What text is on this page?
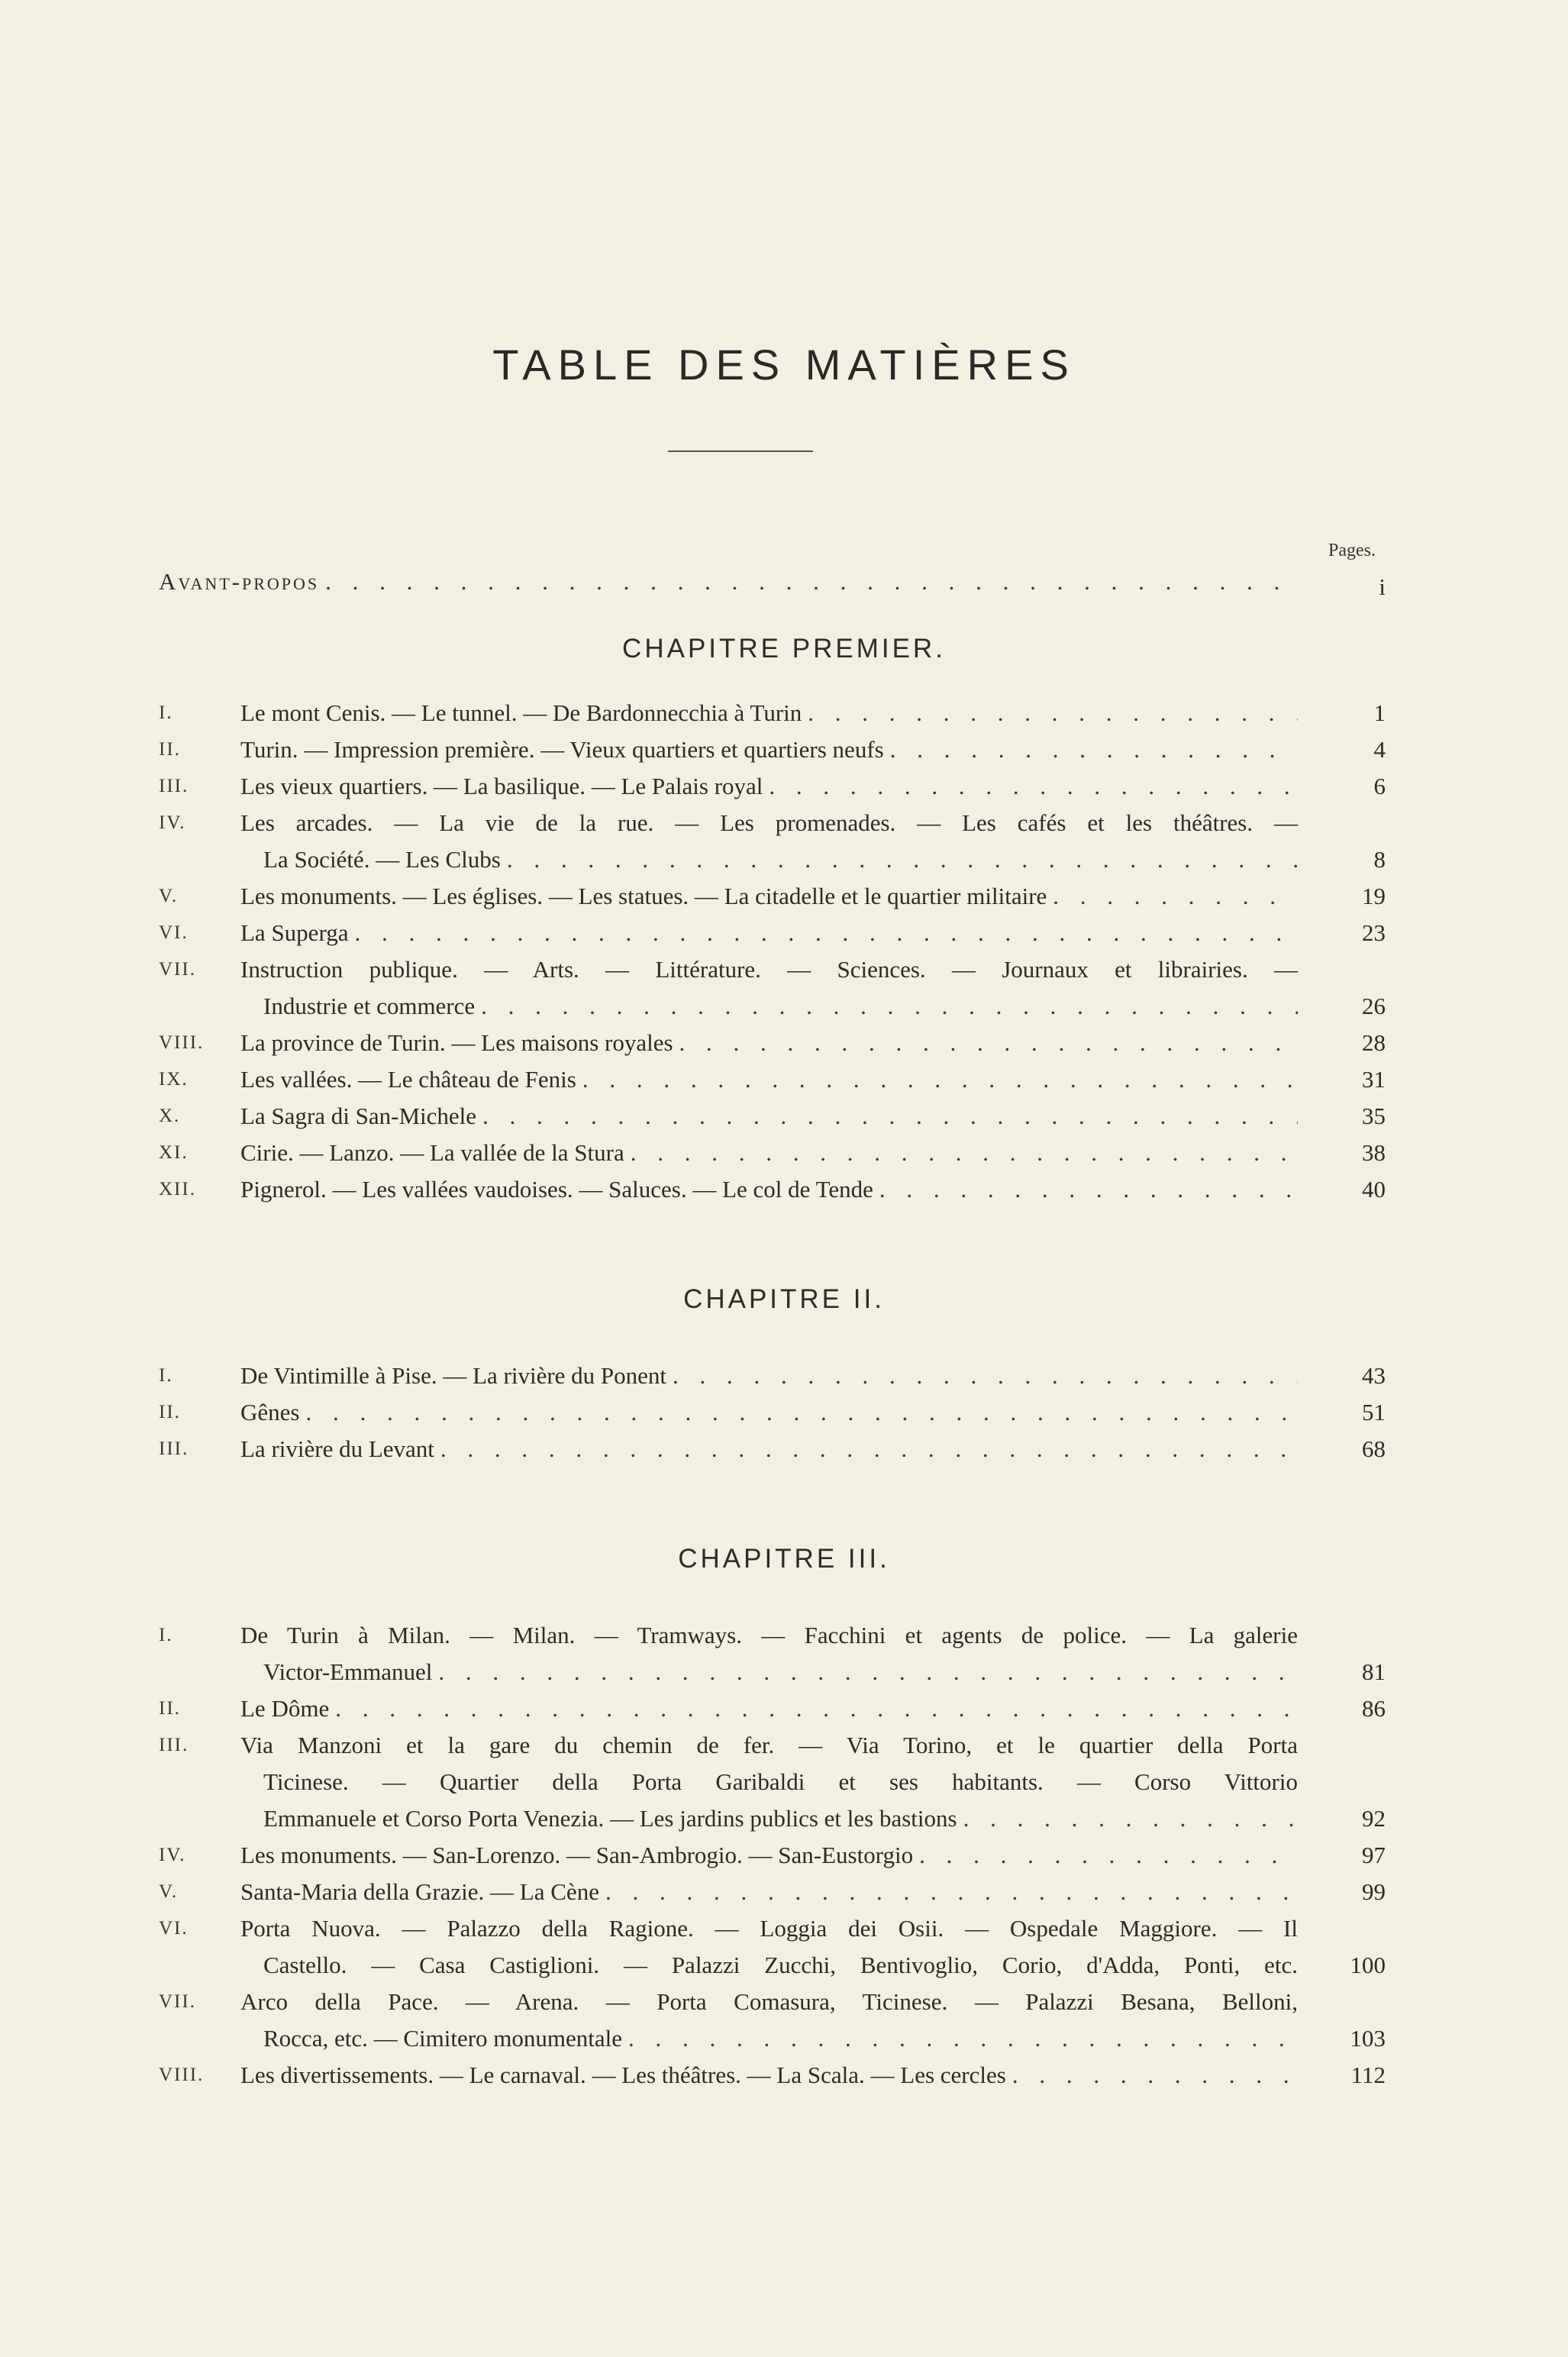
TABLE DES MATIÈRES
Pages.
Avant-propos . . .	i
CHAPITRE PREMIER.
I.	Le mont Cenis. — Le tunnel. — De Bardonnecchia à Turin . . .	1
II.	Turin. — Impression première. — Vieux quartiers et quartiers neufs . . .	4
III. Les vieux quartiers. — La basilique. — Le Palais royal . . .	6
IV. Les arcades. — La vie de la rue. — Les promenades. — Les cafés et les théâtres. —
La Société. — Les Clubs . . .	8
V.	Les monuments. — Les églises. — Les statues. — La citadelle et le quartier militaire . . .	19
VI. La Superga . . .	23
VII. Instruction publique. — Arts. — Littérature. — Sciences. — Journaux et librairies. —
Industrie et commerce . . .	26
VIII. La province de Turin. — Les maisons royales . . .	28
IX. Les vallées. — Le château de Fenis . . .	31
X.	La Sagra di San-Michele . . .	35
XI. Cirie. — Lanzo. — La vallée de la Stura . . .	38
XII. Pignerol. — Les vallées vaudoises. — Saluces. — Le col de Tende . . .	40
CHAPITRE II.
I.	De Vintimille à Pise. — La rivière du Ponent . . .	43
II.	Gênes . . .	51
III. La rivière du Levant . . .	68
CHAPITRE III.
I.	De Turin à Milan. — Milan. — Tramways. — Facchini et agents de police. — La galerie
Victor-Emmanuel . . .	81
II.	Le Dôme . . .	86
III. Via Manzoni et la gare du chemin de fer. — Via Torino, et le quartier della Porta
Ticinese. — Quartier della Porta Garibaldi et ses habitants. — Corso Vittorio
Emmanuele et Corso Porta Venezia. — Les jardins publics et les bastions . . .	92
IV. Les monuments. — San-Lorenzo. — San-Ambrogio. — San-Eustorgio . . .	97
V.	Santa-Maria della Grazie. — La Cène . . .	99
VI. Porta Nuova. — Palazzo della Ragione. — Loggia dei Osii. — Ospedale Maggiore. — Il
Castello. — Casa Castiglioni. — Palazzi Zucchi, Bentivoglio, Corio, d'Adda, Ponti, etc.	100
VII. Arco della Pace. — Arena. — Porta Comasura, Ticinese. — Palazzi Besana, Belloni,
Rocca, etc. — Cimitero monumentale . . .	103
VIII. Les divertissements. — Le carnaval. — Les théâtres. — La Scala. — Les cercles . . .	112
